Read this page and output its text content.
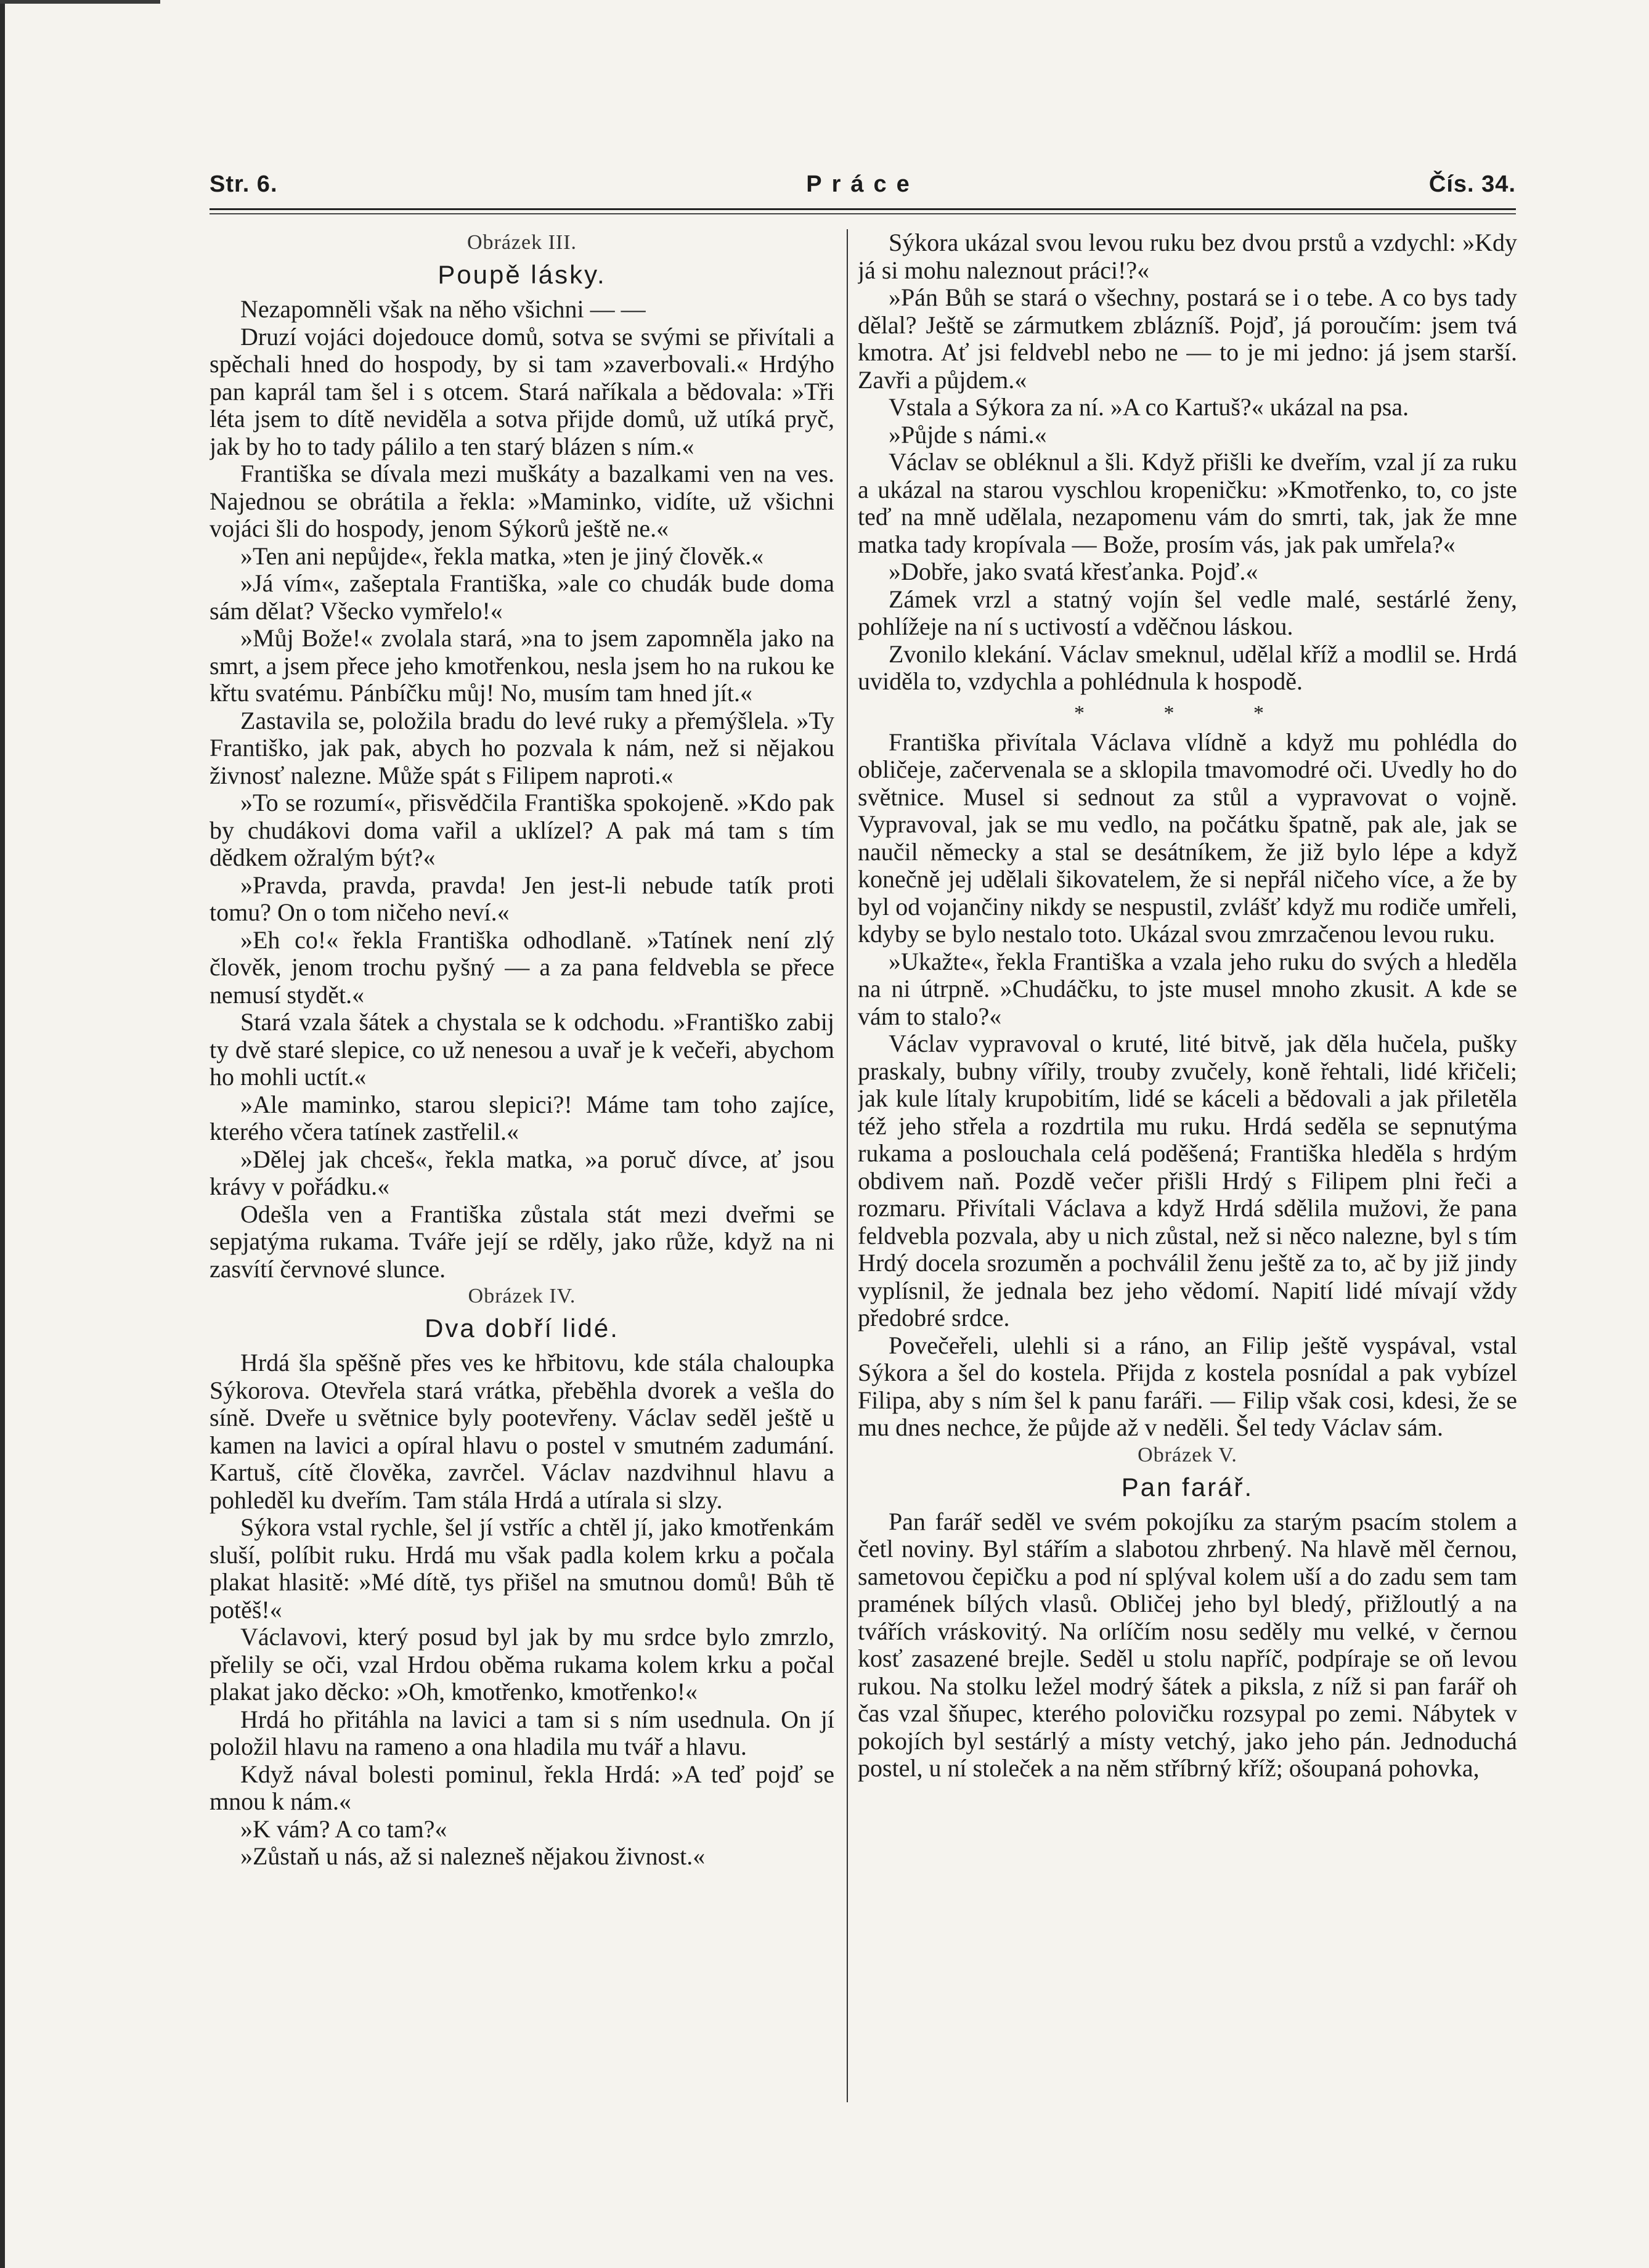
Str. 6.	Práce	Čís. 34.
Obrázek III.
Poupě lásky.

Nezapomněli však na něho všichni — —

Druzí vojáci dojedouce domů, sotva se svými se přivítali a spěchali hned do hospody, by si tam »zaverbovali.« Hrdýho pan kaprál tam šel i s otcem. Stará naříkala a bědovala: »Tři léta jsem to dítě neviděla a sotva přijde domů, už utíká pryč, jak by ho to tady pálilo a ten starý blázen s ním.«

Františka se dívala mezi muškáty a bazalkami ven na ves. Najednou se obrátila a řekla: »Maminko, vidíte, už všichni vojáci šli do hospody, jenom Sýkorů ještě ne.«

»Ten ani nepůjde«, řekla matka, »ten je jiný člověk.«

»Já vím«, zašeptala Františka, »ale co chudák bude doma sám dělat? Všecko vymřelo!«

»Můj Bože!« zvolala stará, »na to jsem zapomněla jako na smrt, a jsem přece jeho kmotřenkou, nesla jsem ho na rukou ke křtu svatému. Pánbíčku můj! No, musím tam hned jít.«

Zastavila se, položila bradu do levé ruky a přemýšlela. »Ty Františko, jak pak, abych ho pozvala k nám, než si nějakou živnosť nalezne. Může spát s Filipem naproti.«

»To se rozumí«, přisvědčila Františka spokojeně. »Kdo pak by chudákovi doma vařil a uklízel? A pak má tam s tím dědkem ožralým být?«

»Pravda, pravda, pravda! Jen jest-li nebude tatík proti tomu? On o tom ničeho neví.«

»Eh co!« řekla Františka odhodlaně. »Tatínek není zlý člověk, jenom trochu pyšný — a za pana feldvebla se přece nemusí stydět.«

Stará vzala šátek a chystala se k odchodu. »Františko zabij ty dvě staré slepice, co už nenesou a uvař je k večeři, abychom ho mohli uctít.«

»Ale maminko, starou slepici?! Máme tam toho zajíce, kterého včera tatínek zastřelil.«

»Dělej jak chceš«, řekla matka, »a poruč dívce, ať jsou krávy v pořádku.«

Odešla ven a Františka zůstala stát mezi dveřmi se sepjatýma rukama. Tváře její se rděly, jako růže, když na ni zasvítí červnové slunce.

Obrázek IV.
Dva dobří lidé.

Hrdá šla spěšně přes ves ke hřbitovu, kde stála chaloupka Sýkorova. Otevřela stará vrátka, přeběhla dvorek a vešla do síně. Dveře u světnice byly pootevřeny. Václav seděl ještě u kamen na lavici a opíral hlavu o postel v smutném zadumání. Kartuš, cítě člověka, zavrčel. Václav nazdvihnul hlavu a pohleděl ku dveřím. Tam stála Hrdá a utírala si slzy.

Sýkora vstal rychle, šel jí vstříc a chtěl jí, jako kmotřenkám sluší, políbit ruku. Hrdá mu však padla kolem krku a počala plakat hlasitě: »Mé dítě, tys přišel na smutnou domů! Bůh tě potěš!«

Václavovi, který posud byl jak by mu srdce bylo zmrzlo, přelily se oči, vzal Hrdou oběma rukama kolem krku a počal plakat jako děcko: »Oh, kmotřenko, kmotřenko!«

Hrdá ho přitáhla na lavici a tam si s ním usednula. On jí položil hlavu na rameno a ona hladila mu tvář a hlavu.

Když nával bolesti pominul, řekla Hrdá: »A teď pojď se mnou k nám.«

»K vám? A co tam?«

»Zůstaň u nás, až si nalezneš nějakou živnost.«

Sýkora ukázal svou levou ruku bez dvou prstů a vzdychl: »Kdy já si mohu naleznout práci!?«

»Pán Bůh se stará o všechny, postará se i o tebe. A co bys tady dělal? Ještě se zármutkem zblázníš. Pojď, já poroučím: jsem tvá kmotra. Ať jsi feldvebl nebo ne — to je mi jedno: já jsem starší. Zavři a půjdem.«

Vstala a Sýkora za ní. »A co Kartuš?« ukázal na psa.

»Půjde s námi.«

Václav se obléknul a šli. Když přišli ke dveřím, vzal jí za ruku a ukázal na starou vyschlou kropeničku: »Kmotřenko, to, co jste teď na mně udělala, nezapomenu vám do smrti, tak, jak že mne matka tady kropívala — Bože, prosím vás, jak pak umřela?«

»Dobře, jako svatá křesťanka. Pojď.«

Zámek vrzl a statný vojín šel vedle malé, sestárlé ženy, pohlížeje na ní s uctivostí a vděčnou láskou.

Zvonilo klekání. Václav smeknul, udělal kříž a modlil se. Hrdá uviděla to, vzdychla a pohlédnula k hospodě.

* * *

Františka přivítala Václava vlídně a když mu pohlédla do obličeje, začervenala se a sklopila tmavomodré oči. Uvedly ho do světnice. Musel si sednout za stůl a vypravovat o vojně. Vypravoval, jak se mu vedlo, na počátku špatně, pak ale, jak se naučil německy a stal se desátníkem, že již bylo lépe a když konečně jej udělali šikovatelem, že si nepřál ničeho více, a že by byl od vojančiny nikdy se nespustil, zvlášť když mu rodiče umřeli, kdyby se bylo nestalo toto. Ukázal svou zmrzačenou levou ruku.

»Ukažte«, řekla Františka a vzala jeho ruku do svých a hleděla na ni útrpně. »Chudáčku, to jste musel mnoho zkusit. A kde se vám to stalo?«

Václav vypravoval o kruté, lité bitvě, jak děla hučela, pušky praskaly, bubny vířily, trouby zvučely, koně řehtali, lidé křičeli; jak kule lítaly krupobitím, lidé se káceli a bědovali a jak přiletěla též jeho střela a rozdrtila mu ruku. Hrdá seděla se sepnutýma rukama a poslouchala celá poděšená; Františka hleděla s hrdým obdivem naň. Pozdě večer přišli Hrdý s Filipem plni řeči a rozmaru. Přivítali Václava a když Hrdá sdělila mužovi, že pana feldvebla pozvala, aby u nich zůstal, než si něco nalezne, byl s tím Hrdý docela srozuměn a pochválil ženu ještě za to, ač by již jindy vyplísnil, že jednala bez jeho vědomí. Napití lidé mívají vždy předobré srdce.

Povečeřeli, ulehli si a ráno, an Filip ještě vyspával, vstal Sýkora a šel do kostela. Přijda z kostela posnídal a pak vybízel Filipa, aby s ním šel k panu faráři. — Filip však cosi, kdesi, že se mu dnes nechce, že půjde až v neděli. Šel tedy Václav sám.

Obrázek V.
Pan farář.

Pan farář seděl ve svém pokojíku za starým psacím stolem a četl noviny. Byl stářím a slabotou zhrbený. Na hlavě měl černou, sametovou čepičku a pod ní splýval kolem uší a do zadu sem tam pramének bílých vlasů. Obličej jeho byl bledý, přižloutlý a na tvářích vráskovitý. Na orlíčím nosu seděly mu velké, v černou kosť zasazené brejle. Seděl u stolu napříč, podpíraje se oň levou rukou. Na stolku ležel modrý šátek a piksla, z níž si pan farář oh čas vzal šňupec, kterého polovičku rozsypal po zemi. Nábytek v pokojích byl sestárlý a místy vetchý, jako jeho pán. Jednoduchá postel, u ní stoleček a na něm stříbrný kříž; ošoupaná pohovka,
